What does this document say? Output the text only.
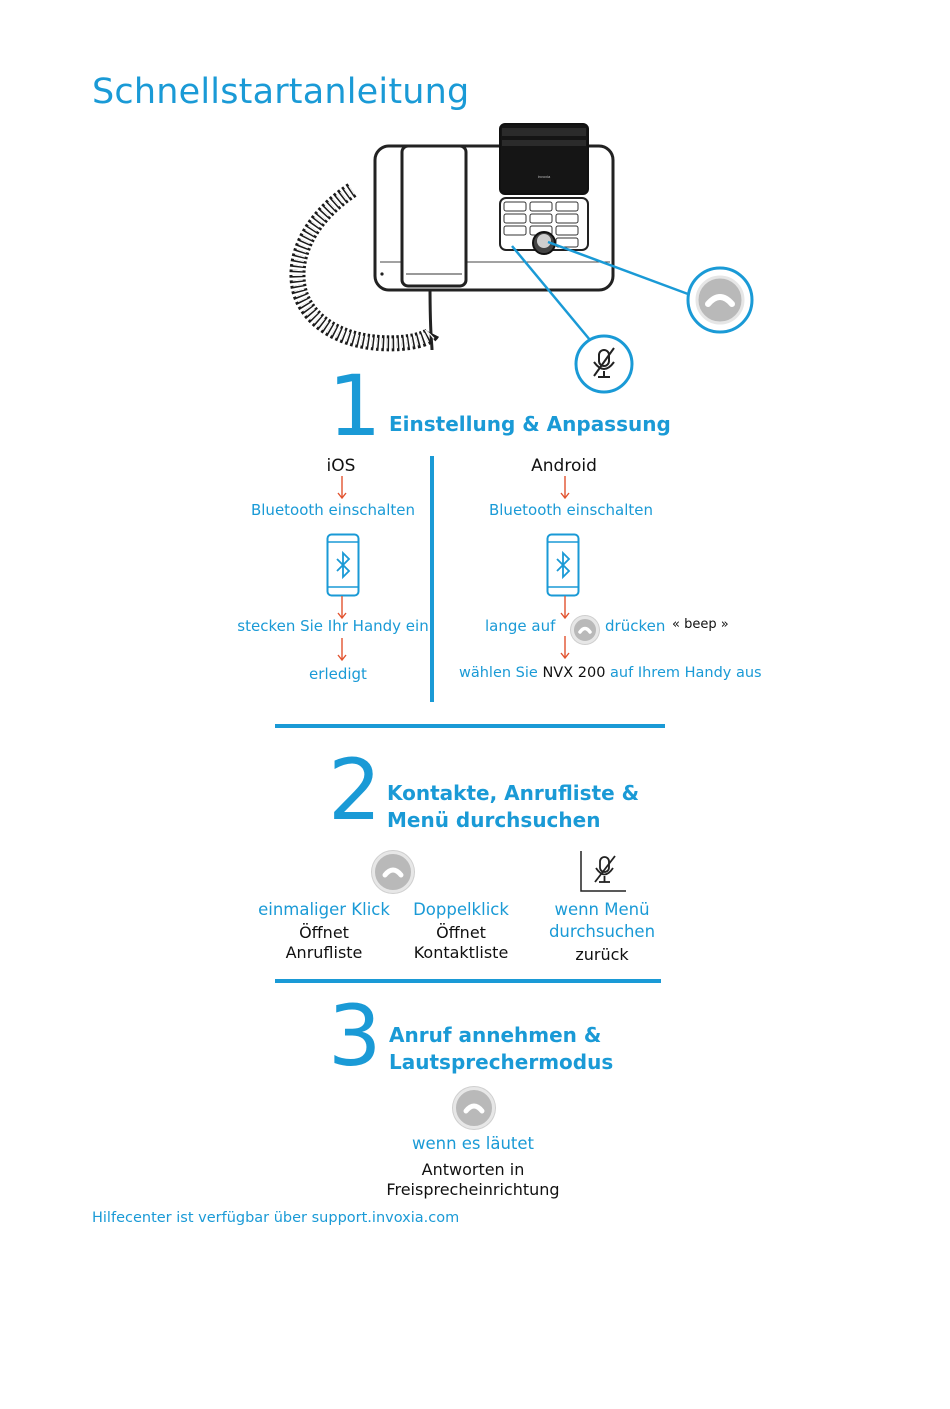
Schnellstartanleitung
invoxia
1 Einstellung & Anpassung
iOS
Bluetooth einschalten
stecken Sie Ihr Handy ein
erledigt
Android
Bluetooth einschalten
lange auf	drücken « beep »
wählen Sie NVX 200 auf Ihrem Handy aus
2 Kontakte, Anrufliste &
Menü durchsuchen
einmaliger Klick
Öffnet
Anrufliste
Doppelklick
Öffnet
Kontaktliste
wenn Menü
durchsuchen
zurück
3 Anruf annehmen &
Lautsprechermodus
wenn es läutet
Antworten in
Freisprecheinrichtung
Hilfecenter ist verfügbar über support.invoxia.com
